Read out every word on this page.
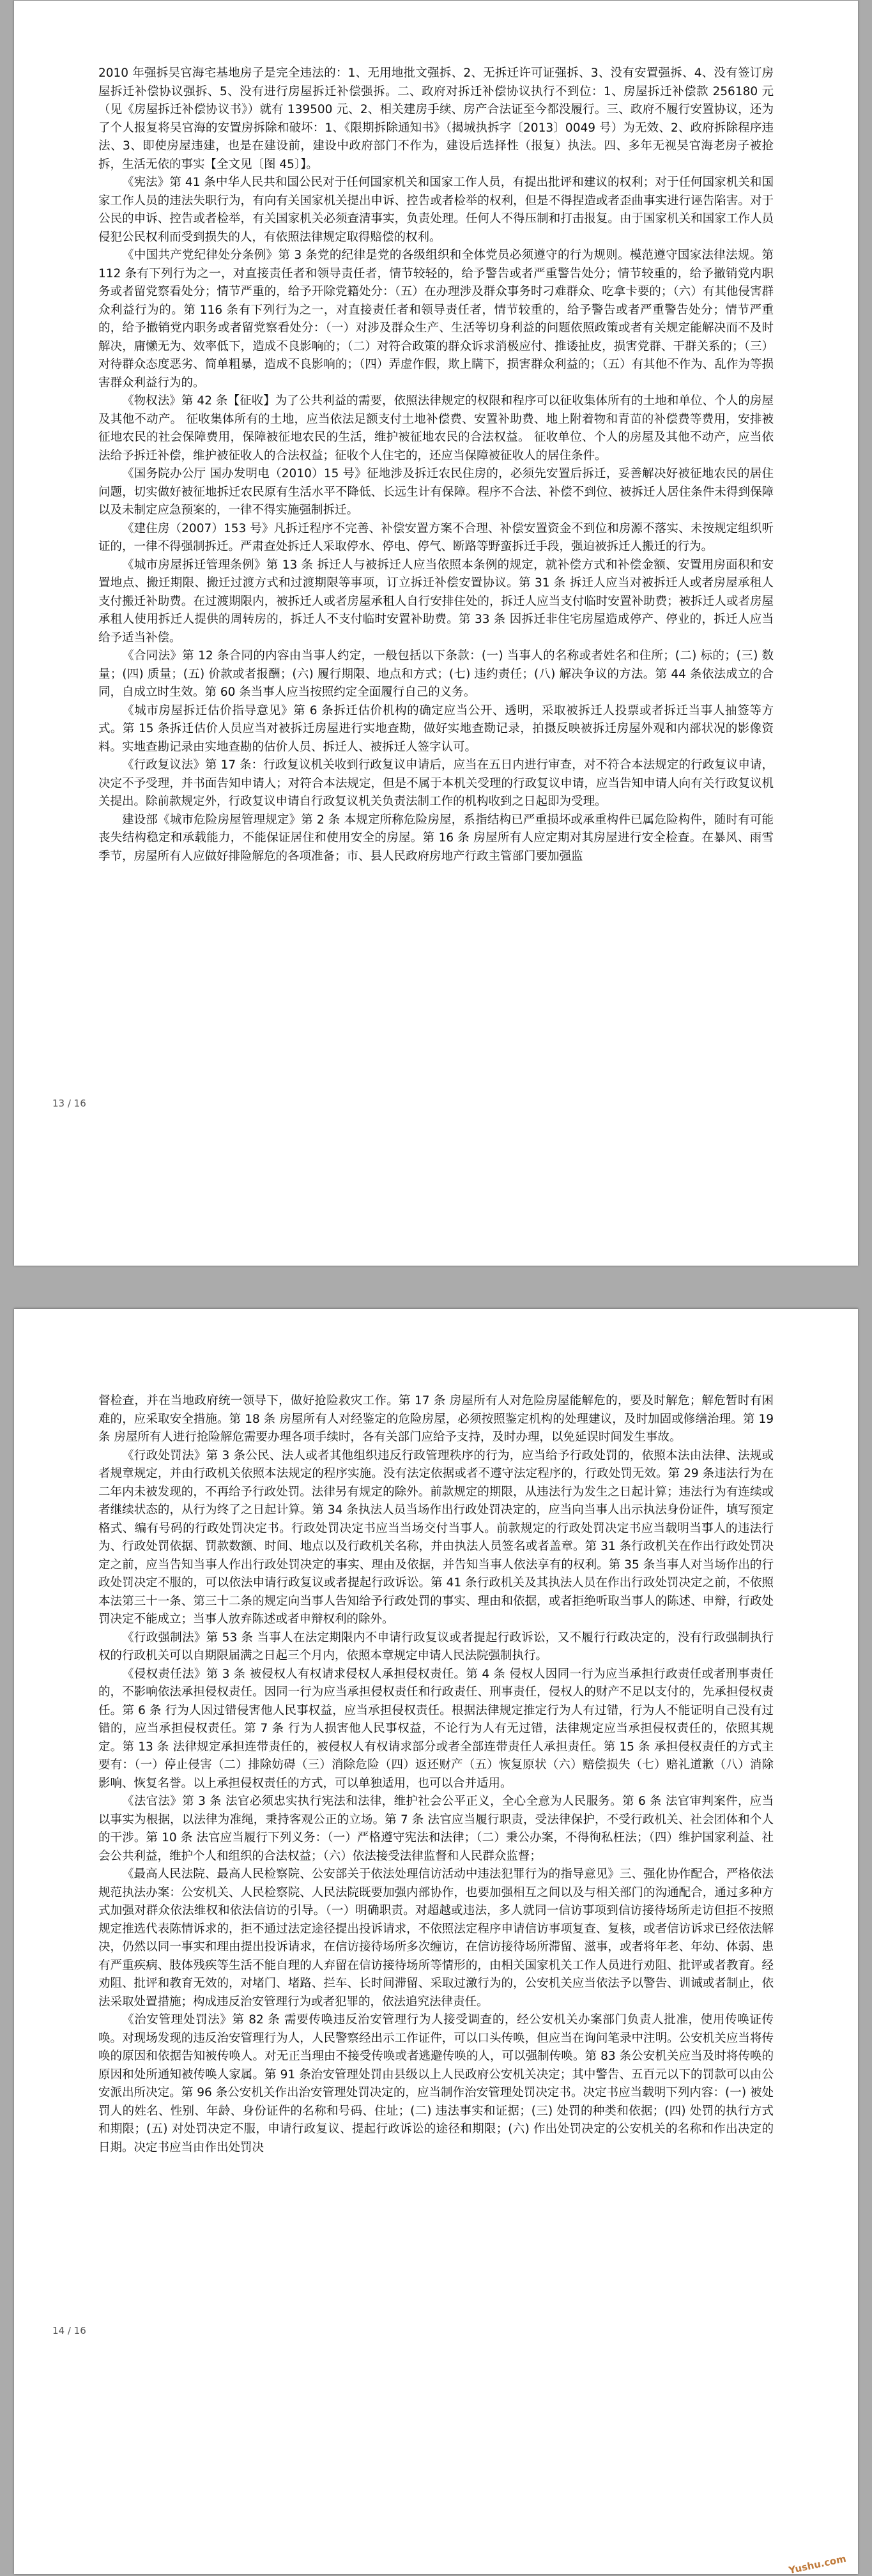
2010 年强拆吴官海宅基地房子是完全违法的：1、无用地批文强拆、2、无拆迁许可证强拆、3、没有安置强拆、4、没有签订房屋拆迁补偿协议强拆、5、没有进行房屋拆迁补偿强拆。二、政府对拆迁补偿协议执行不到位：1、房屋拆迁补偿款 256180 元（见《房屋拆迁补偿协议书》）就有 139500 元、2、相关建房手续、房产合法证至今都没履行。三、政府不履行安置协议，还为了个人报复将吴官海的安置房拆除和破坏：1、《限期拆除通知书》（揭城执拆字〔2013〕0049 号）为无效、2、政府拆除程序违法、3、即使房屋违建，也是在建设前，建设中政府部门不作为，建设后选择性（报复）执法。四、多年无视吴官海老房子被抢拆，生活无依的事实【全文见〔图 45〕】。

《宪法》第 41 条中华人民共和国公民对于任何国家机关和国家工作人员，有提出批评和建议的权利；对于任何国家机关和国家工作人员的违法失职行为，有向有关国家机关提出申诉、控告或者检举的权利，但是不得捏造或者歪曲事实进行诬告陷害。对于公民的申诉、控告或者检举，有关国家机关必须查清事实，负责处理。任何人不得压制和打击报复。由于国家机关和国家工作人员侵犯公民权利而受到损失的人，有依照法律规定取得赔偿的权利。

《中国共产党纪律处分条例》第 3 条党的纪律是党的各级组织和全体党员必须遵守的行为规则。模范遵守国家法律法规。第 112 条有下列行为之一，对直接责任者和领导责任者，情节较轻的，给予警告或者严重警告处分；情节较重的，给予撤销党内职务或者留党察看处分；情节严重的，给予开除党籍处分：（五）在办理涉及群众事务时刁难群众、吃拿卡要的；（六）有其他侵害群众利益行为的。第 116 条有下列行为之一，对直接责任者和领导责任者，情节较重的，给予警告或者严重警告处分；情节严重的，给予撤销党内职务或者留党察看处分：（一）对涉及群众生产、生活等切身利益的问题依照政策或者有关规定能解决而不及时解决，庸懒无为、效率低下，造成不良影响的；（二）对符合政策的群众诉求消极应付、推诿扯皮，损害党群、干群关系的；（三）对待群众态度恶劣、简单粗暴，造成不良影响的；（四）弄虚作假，欺上瞒下，损害群众利益的；（五）有其他不作为、乱作为等损害群众利益行为的。

《物权法》第 42 条【征收】为了公共利益的需要，依照法律规定的权限和程序可以征收集体所有的土地和单位、个人的房屋及其他不动产。 征收集体所有的土地，应当依法足额支付土地补偿费、安置补助费、地上附着物和青苗的补偿费等费用，安排被征地农民的社会保障费用，保障被征地农民的生活，维护被征地农民的合法权益。 征收单位、个人的房屋及其他不动产，应当依法给予拆迁补偿，维护被征收人的合法权益；征收个人住宅的，还应当保障被征收人的居住条件。

《国务院办公厅 国办发明电（2010）15 号》征地涉及拆迁农民住房的，必须先安置后拆迁，妥善解决好被征地农民的居住问题，切实做好被征地拆迁农民原有生活水平不降低、长远生计有保障。程序不合法、补偿不到位、被拆迁人居住条件未得到保障以及未制定应急预案的，一律不得实施强制拆迁。

《建住房（2007）153 号》凡拆迁程序不完善、补偿安置方案不合理、补偿安置资金不到位和房源不落实、未按规定组织听证的，一律不得强制拆迁。严肃查处拆迁人采取停水、停电、停气、断路等野蛮拆迁手段，强迫被拆迁人搬迁的行为。

《城市房屋拆迁管理条例》第 13 条 拆迁人与被拆迁人应当依照本条例的规定，就补偿方式和补偿金额、安置用房面积和安置地点、搬迁期限、搬迁过渡方式和过渡期限等事项，订立拆迁补偿安置协议。第 31 条 拆迁人应当对被拆迁人或者房屋承租人支付搬迁补助费。在过渡期限内，被拆迁人或者房屋承租人自行安排住处的，拆迁人应当支付临时安置补助费；被拆迁人或者房屋承租人使用拆迁人提供的周转房的，拆迁人不支付临时安置补助费。第 33 条 因拆迁非住宅房屋造成停产、停业的，拆迁人应当给予适当补偿。

《合同法》第 12 条合同的内容由当事人约定，一般包括以下条款：(一) 当事人的名称或者姓名和住所；(二) 标的；(三) 数量；(四) 质量；(五) 价款或者报酬；(六) 履行期限、地点和方式；(七) 违约责任；(八) 解决争议的方法。第 44 条依法成立的合同，自成立时生效。第 60 条当事人应当按照约定全面履行自己的义务。

《城市房屋拆迁估价指导意见》第 6 条拆迁估价机构的确定应当公开、透明，采取被拆迁人投票或者拆迁当事人抽签等方式。第 15 条拆迁估价人员应当对被拆迁房屋进行实地查勘，做好实地查勘记录，拍摄反映被拆迁房屋外观和内部状况的影像资料。实地查勘记录由实地查勘的估价人员、拆迁人、被拆迁人签字认可。

《行政复议法》第 17 条：行政复议机关收到行政复议申请后，应当在五日内进行审查，对不符合本法规定的行政复议申请，决定不予受理，并书面告知申请人；对符合本法规定，但是不属于本机关受理的行政复议申请，应当告知申请人向有关行政复议机关提出。除前款规定外，行政复议申请自行政复议机关负责法制工作的机构收到之日起即为受理。

建设部《城市危险房屋管理规定》第 2 条 本规定所称危险房屋，系指结构已严重损坏或承重构件已属危险构件，随时有可能丧失结构稳定和承载能力，不能保证居住和使用安全的房屋。第 16 条 房屋所有人应定期对其房屋进行安全检查。在暴风、雨雪季节，房屋所有人应做好排险解危的各项准备；市、县人民政府房地产行政主管部门要加强监

13 / 16

督检查，并在当地政府统一领导下，做好抢险救灾工作。第 17 条 房屋所有人对危险房屋能解危的，要及时解危；解危暂时有困难的，应采取安全措施。第 18 条 房屋所有人对经鉴定的危险房屋，必须按照鉴定机构的处理建议，及时加固或修缮治理。第 19 条 房屋所有人进行抢险解危需要办理各项手续时，各有关部门应给予支持，及时办理，以免延误时间发生事故。

《行政处罚法》第 3 条公民、法人或者其他组织违反行政管理秩序的行为，应当给予行政处罚的，依照本法由法律、法规或者规章规定，并由行政机关依照本法规定的程序实施。没有法定依据或者不遵守法定程序的，行政处罚无效。第 29 条违法行为在二年内未被发现的，不再给予行政处罚。法律另有规定的除外。前款规定的期限，从违法行为发生之日起计算；违法行为有连续或者继续状态的，从行为终了之日起计算。第 34 条执法人员当场作出行政处罚决定的，应当向当事人出示执法身份证件，填写预定格式、编有号码的行政处罚决定书。行政处罚决定书应当当场交付当事人。前款规定的行政处罚决定书应当载明当事人的违法行为、行政处罚依据、罚款数额、时间、地点以及行政机关名称，并由执法人员签名或者盖章。第 31 条行政机关在作出行政处罚决定之前，应当告知当事人作出行政处罚决定的事实、理由及依据，并告知当事人依法享有的权利。第 35 条当事人对当场作出的行政处罚决定不服的，可以依法申请行政复议或者提起行政诉讼。第 41 条行政机关及其执法人员在作出行政处罚决定之前，不依照本法第三十一条、第三十二条的规定向当事人告知给予行政处罚的事实、理由和依据，或者拒绝听取当事人的陈述、申辩，行政处罚决定不能成立；当事人放弃陈述或者申辩权利的除外。

《行政强制法》第 53 条 当事人在法定期限内不申请行政复议或者提起行政诉讼，又不履行行政决定的，没有行政强制执行权的行政机关可以自期限届满之日起三个月内，依照本章规定申请人民法院强制执行。

《侵权责任法》第 3 条 被侵权人有权请求侵权人承担侵权责任。第 4 条 侵权人因同一行为应当承担行政责任或者刑事责任的，不影响依法承担侵权责任。因同一行为应当承担侵权责任和行政责任、刑事责任，侵权人的财产不足以支付的，先承担侵权责任。第 6 条 行为人因过错侵害他人民事权益，应当承担侵权责任。根据法律规定推定行为人有过错，行为人不能证明自己没有过错的，应当承担侵权责任。第 7 条 行为人损害他人民事权益，不论行为人有无过错，法律规定应当承担侵权责任的，依照其规定。第 13 条 法律规定承担连带责任的，被侵权人有权请求部分或者全部连带责任人承担责任。第 15 条 承担侵权责任的方式主要有：（一）停止侵害（二）排除妨碍（三）消除危险（四）返还财产（五）恢复原状（六）赔偿损失（七）赔礼道歉（八）消除影响、恢复名誉。以上承担侵权责任的方式，可以单独适用，也可以合并适用。

《法官法》第 3 条 法官必须忠实执行宪法和法律，维护社会公平正义，全心全意为人民服务。第 6 条 法官审判案件，应当以事实为根据，以法律为准绳，秉持客观公正的立场。第 7 条 法官应当履行职责，受法律保护，不受行政机关、社会团体和个人的干涉。第 10 条 法官应当履行下列义务：（一）严格遵守宪法和法律；（二）秉公办案，不得徇私枉法；（四）维护国家利益、社会公共利益，维护个人和组织的合法权益；（六）依法接受法律监督和人民群众监督；

《最高人民法院、最高人民检察院、公安部关于依法处理信访活动中违法犯罪行为的指导意见》三、强化协作配合，严格依法规范执法办案：公安机关、人民检察院、人民法院既要加强内部协作，也要加强相互之间以及与相关部门的沟通配合，通过多种方式加强对群众依法维权和依法信访的引导。（一）明确职责。对超越或违法，多人就同一信访事项到信访接待场所走访但拒不按照规定推选代表陈情诉求的，拒不通过法定途径提出投诉请求，不依照法定程序申请信访事项复查、复核，或者信访诉求已经依法解决，仍然以同一事实和理由提出投诉请求，在信访接待场所多次缠访，在信访接待场所滞留、滋事，或者将年老、年幼、体弱、患有严重疾病、肢体残疾等生活不能自理的人弃留在信访接待场所等情形的，由相关国家机关工作人员进行劝阻、批评或者教育。经劝阻、批评和教育无效的，对堵门、堵路、拦车、长时间滞留、采取过激行为的，公安机关应当依法予以警告、训诫或者制止，依法采取处置措施；构成违反治安管理行为或者犯罪的，依法追究法律责任。

《治安管理处罚法》第 82 条 需要传唤违反治安管理行为人接受调查的，经公安机关办案部门负责人批准，使用传唤证传唤。对现场发现的违反治安管理行为人，人民警察经出示工作证件，可以口头传唤，但应当在询问笔录中注明。公安机关应当将传唤的原因和依据告知被传唤人。对无正当理由不接受传唤或者逃避传唤的人，可以强制传唤。第 83 条公安机关应当及时将传唤的原因和处所通知被传唤人家属。第 91 条治安管理处罚由县级以上人民政府公安机关决定；其中警告、五百元以下的罚款可以由公安派出所决定。第 96 条公安机关作出治安管理处罚决定的，应当制作治安管理处罚决定书。决定书应当载明下列内容：(一) 被处罚人的姓名、性别、年龄、身份证件的名称和号码、住址；(二) 违法事实和证据；(三) 处罚的种类和依据；(四) 处罚的执行方式和期限；(五) 对处罚决定不服，申请行政复议、提起行政诉讼的途径和期限；(六) 作出处罚决定的公安机关的名称和作出决定的日期。决定书应当由作出处罚决

14 / 16
Yushu.com
